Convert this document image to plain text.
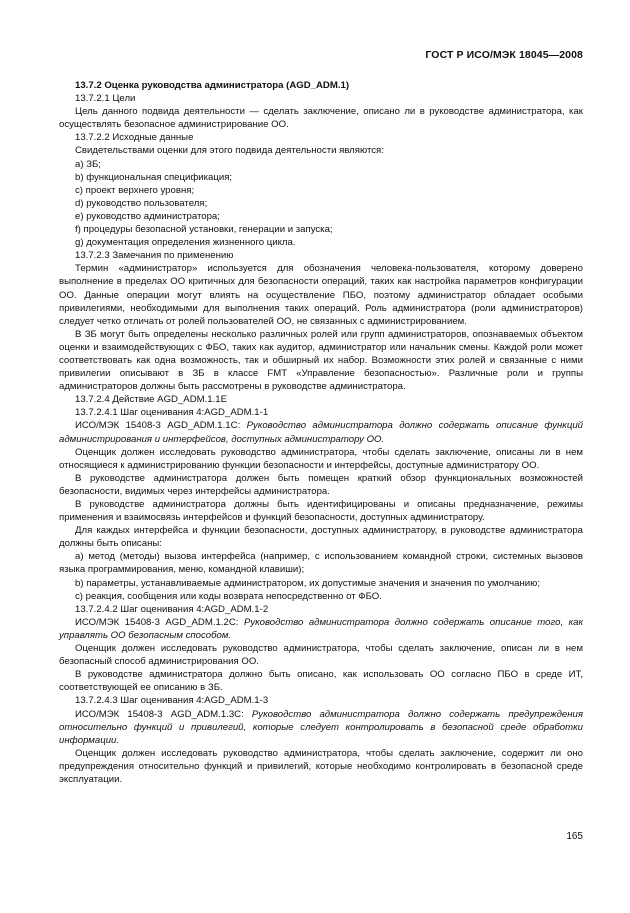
ГОСТ Р ИСО/МЭК 18045—2008

13.7.2 Оценка руководства администратора (AGD_ADM.1)

13.7.2.1 Цели

Цель данного подвида деятельности — сделать заключение, описано ли в руководстве администратора, как осуществлять безопасное администрирование ОО.

13.7.2.2 Исходные данные

Свидетельствами оценки для этого подвида деятельности являются:

а) ЗБ;

b) функциональная спецификация;

c) проект верхнего уровня;

d) руководство пользователя;

e) руководство администратора;

f) процедуры безопасной установки, генерации и запуска;

g) документация определения жизненного цикла.

13.7.2.3 Замечания по применению

Термин «администратор» используется для обозначения человека-пользователя, которому доверено выполнение в пределах ОО критичных для безопасности операций, таких как настройка параметров конфигурации ОО. Данные операции могут влиять на осуществление ПБО, поэтому администратор обладает особыми привилегиями, необходимыми для выполнения таких операций. Роль администратора (роли администраторов) следует четко отличать от ролей пользователей ОО, не связанных с администрированием.

В ЗБ могут быть определены несколько различных ролей или групп администраторов, опознаваемых объектом оценки и взаимодействующих с ФБО, таких как аудитор, администратор или начальник смены. Каждой роли может соответствовать как одна возможность, так и обширный их набор. Возможности этих ролей и связанные с ними привилегии описывают в ЗБ в классе FMT «Управление безопасностью». Различные роли и группы администраторов должны быть рассмотрены в руководстве администратора.

13.7.2.4 Действие AGD_ADM.1.1E

13.7.2.4.1 Шаг оценивания 4:AGD_ADM.1-1

ИСО/МЭК 15408-3 AGD_ADM.1.1C: Руководство администратора должно содержать описание функций администрирования и интерфейсов, доступных администратору ОО.

Оценщик должен исследовать руководство администратора, чтобы сделать заключение, описаны ли в нем относящиеся к администрированию функции безопасности и интерфейсы, доступные администратору ОО.

В руководстве администратора должен быть помещен краткий обзор функциональных возможностей безопасности, видимых через интерфейсы администратора.

В руководстве администратора должны быть идентифицированы и описаны предназначение, режимы применения и взаимосвязь интерфейсов и функций безопасности, доступных администратору.

Для каждых интерфейса и функции безопасности, доступных администратору, в руководстве администратора должны быть описаны:

а) метод (методы) вызова интерфейса (например, с использованием командной строки, системных вызовов языка программирования, меню, командной клавиши);

b) параметры, устанавливаемые администратором, их допустимые значения и значения по умолчанию;

с) реакция, сообщения или коды возврата непосредственно от ФБО.

13.7.2.4.2 Шаг оценивания 4:AGD_ADM.1-2

ИСО/МЭК 15408-3 AGD_ADM.1.2C: Руководство администратора должно содержать описание того, как управлять ОО безопасным способом.

Оценщик должен исследовать руководство администратора, чтобы сделать заключение, описан ли в нем безопасный способ администрирования ОО.

В руководстве администратора должно быть описано, как использовать ОО согласно ПБО в среде ИТ, соответствующей ее описанию в ЗБ.

13.7.2.4.3 Шаг оценивания 4:AGD_ADM.1-3

ИСО/МЭК 15408-3 AGD_ADM.1.3C: Руководство администратора должно содержать предупреждения относительно функций и привилегий, которые следует контролировать в безопасной среде обработки информации.

Оценщик должен исследовать руководство администратора, чтобы сделать заключение, содержит ли оно предупреждения относительно функций и привилегий, которые необходимо контролировать в безопасной среде эксплуатации.

165
